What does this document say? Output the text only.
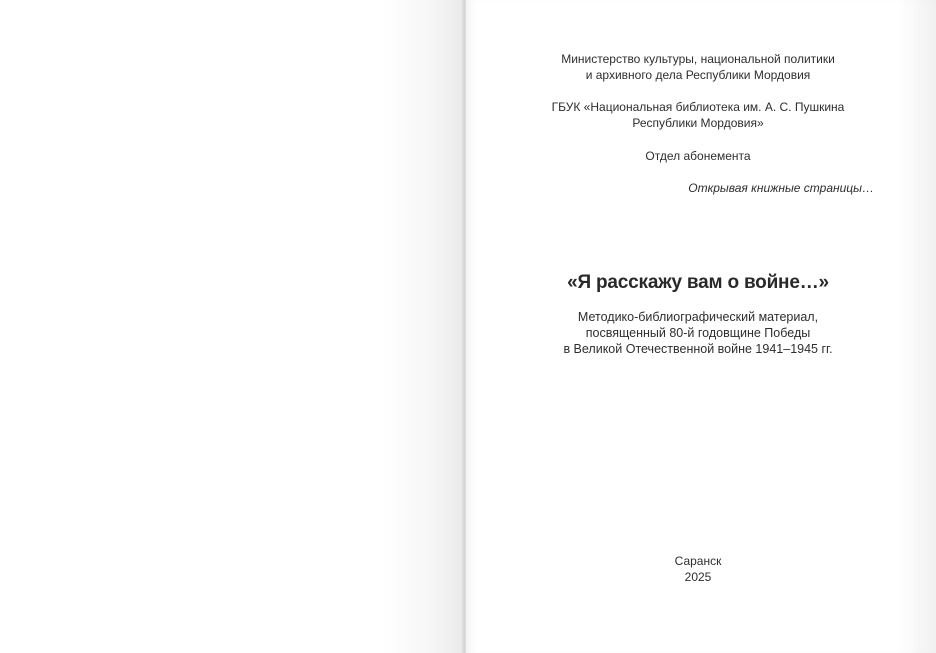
Министерство культуры, национальной политики
и архивного дела Республики Мордовия
ГБУК «Национальная библиотека им. А. С. Пушкина
Республики Мордовия»
Отдел абонемента
Открывая книжные страницы…
«Я расскажу вам о войне…»
Методико-библиографический материал,
посвященный 80-й годовщине Победы
в Великой Отечественной войне 1941–1945 гг.
Саранск
2025
